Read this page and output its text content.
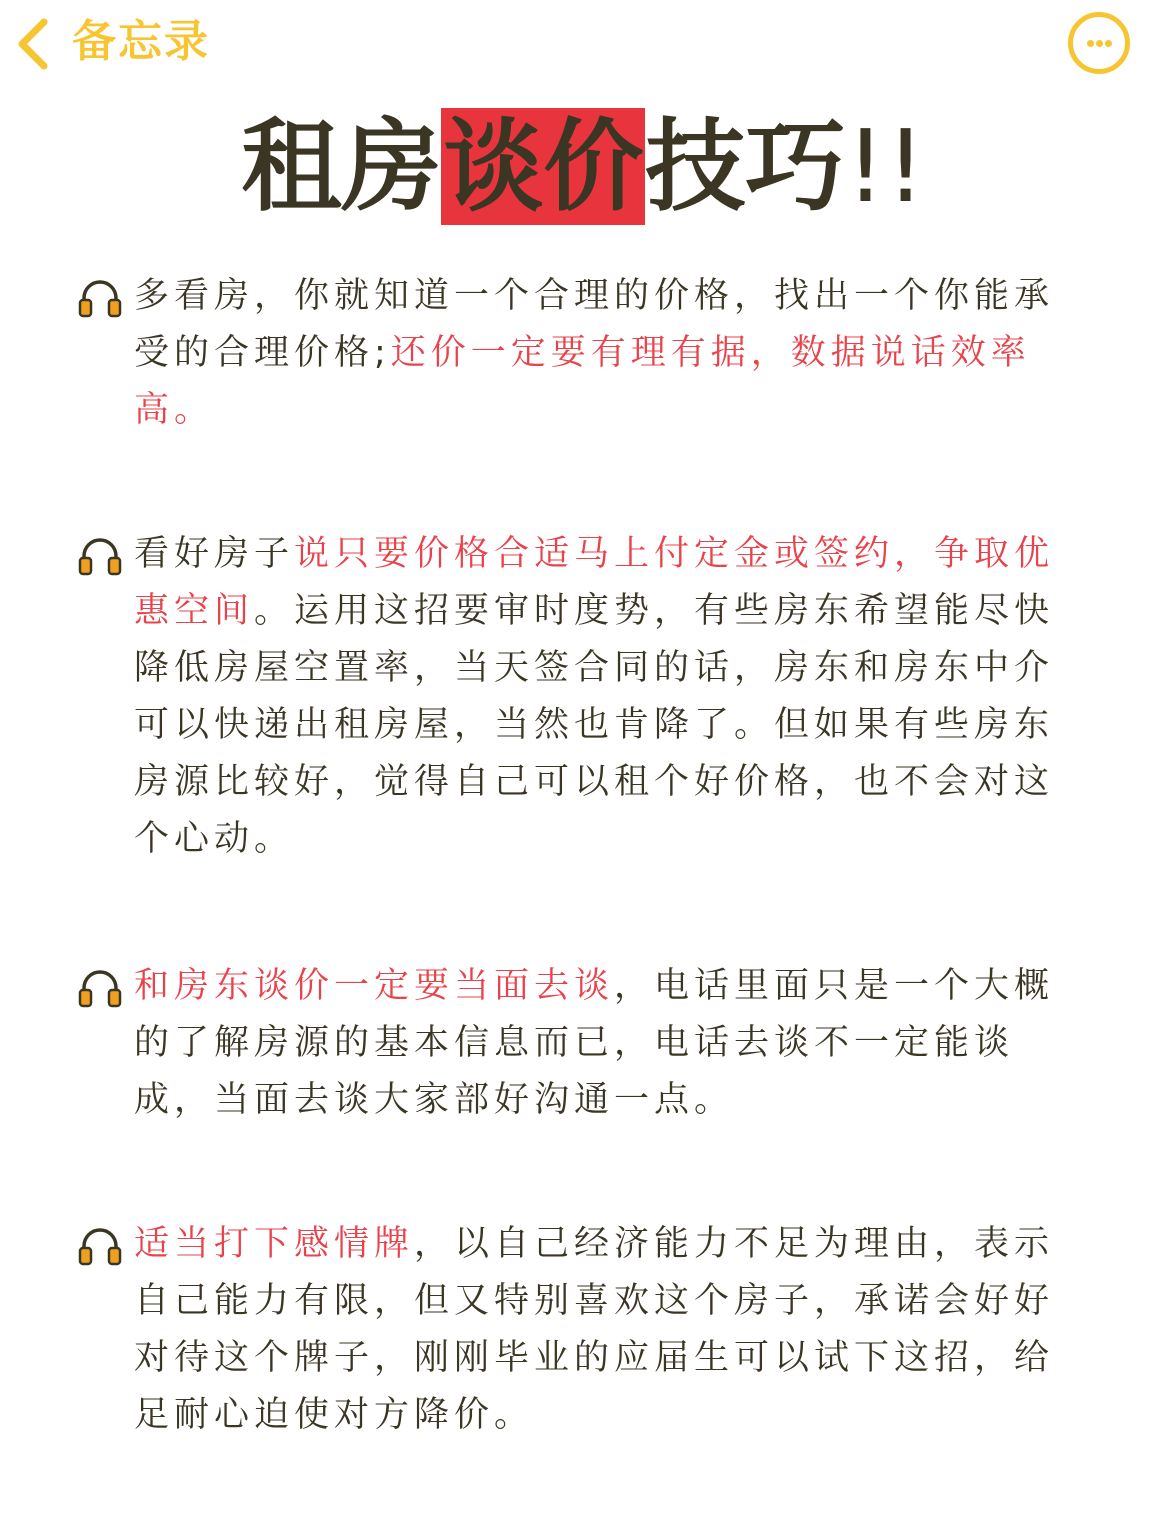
备忘录
租房谈价技巧!!
多看房，你就知道一个合理的价格，找出一个你能承受的合理价格;还价一定要有理有据，数据说话效率高。
看好房子说只要价格合适马上付定金或签约，争取优惠空间。运用这招要审时度势，有些房东希望能尽快降低房屋空置率，当天签合同的话，房东和房东中介可以快递出租房屋，当然也肯降了。但如果有些房东房源比较好，觉得自己可以租个好价格，也不会对这个心动。
和房东谈价一定要当面去谈，电话里面只是一个大概的了解房源的基本信息而已，电话去谈不一定能谈成，当面去谈大家部好沟通一点。
适当打下感情牌，以自己经济能力不足为理由，表示自己能力有限，但又特别喜欢这个房子，承诺会好好对待这个牌子，刚刚毕业的应届生可以试下这招，给足耐心迫使对方降价。
